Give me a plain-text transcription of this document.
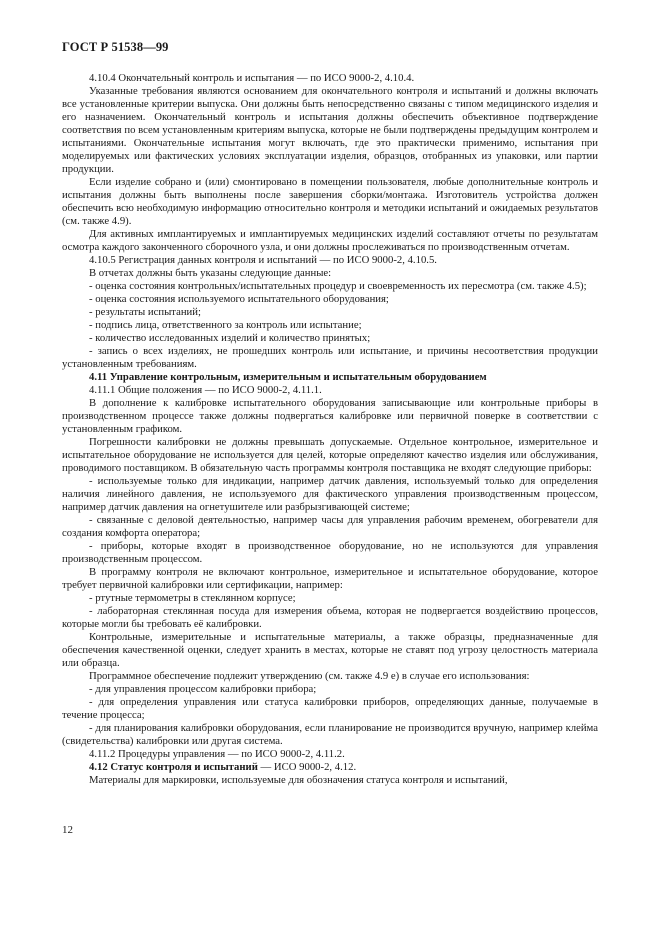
ГОСТ Р 51538—99

4.10.4 Окончательный контроль и испытания — по ИСО 9000-2, 4.10.4.

Указанные требования являются основанием для окончательного контроля и испытаний и должны включать все установленные критерии выпуска. Они должны быть непосредственно связаны с типом медицинского изделия и его назначением. Окончательный контроль и испытания должны обеспечить объективное подтверждение соответствия по всем установленным критериям выпуска, которые не были подтверждены предыдущим контролем и испытаниями. Окончательные испытания могут включать, где это практически применимо, испытания при моделируемых или фактических условиях эксплуатации изделия, образцов, отобранных из упаковки, или партии продукции.

Если изделие собрано и (или) смонтировано в помещении пользователя, любые дополнительные контроль и испытания должны быть выполнены после завершения сборки/монтажа. Изготовитель устройства должен обеспечить всю необходимую информацию относительно контроля и методики испытаний и ожидаемых результатов (см. также 4.9).

Для активных имплантируемых и имплантируемых медицинских изделий составляют отчеты по результатам осмотра каждого законченного сборочного узла, и они должны прослеживаться по производственным отчетам.

4.10.5 Регистрация данных контроля и испытаний — по ИСО 9000-2, 4.10.5.

В отчетах должны быть указаны следующие данные:

- оценка состояния контрольных/испытательных процедур и своевременность их пересмотра (см. также 4.5);

- оценка состояния используемого испытательного оборудования;

- результаты испытаний;

- подпись лица, ответственного за контроль или испытание;

- количество исследованных изделий и количество принятых;

- запись о всех изделиях, не прошедших контроль или испытание, и причины несоответствия продукции установленным требованиям.

4.11 Управление контрольным, измерительным и испытательным оборудованием

4.11.1 Общие положения — по ИСО 9000-2, 4.11.1.

В дополнение к калибровке испытательного оборудования записывающие или контрольные приборы в производственном процессе также должны подвергаться калибровке или первичной поверке в соответствии с установленным графиком.

Погрешности калибровки не должны превышать допускаемые. Отдельное контрольное, измерительное и испытательное оборудование не используется для целей, которые определяют качество изделия или обслуживания, проводимого поставщиком. В обязательную часть программы контроля поставщика не входят следующие приборы:

- используемые только для индикации, например датчик давления, используемый только для определения наличия линейного давления, не используемого для фактического управления производственным процессом, например датчик давления на огнетушителе или разбрызгивающей системе;

- связанные с деловой деятельностью, например часы для управления рабочим временем, обогреватели для создания комфорта оператора;

- приборы, которые входят в производственное оборудование, но не используются для управления производственным процессом.

В программу контроля не включают контрольное, измерительное и испытательное оборудование, которое требует первичной калибровки или сертификации, например:

- ртутные термометры в стеклянном корпусе;

- лабораторная стеклянная посуда для измерения объема, которая не подвергается воздействию процессов, которые могли бы требовать её калибровки.

Контрольные, измерительные и испытательные материалы, а также образцы, предназначенные для обеспечения качественной оценки, следует хранить в местах, которые не ставят под угрозу целостность материала или образца.

Программное обеспечение подлежит утверждению (см. также 4.9 е) в случае его использования:

- для управления процессом калибровки прибора;

- для определения управления или статуса калибровки приборов, определяющих данные, получаемые в течение процесса;

- для планирования калибровки оборудования, если планирование не производится вручную, например клейма (свидетельства) калибровки или другая система.

4.11.2 Процедуры управления — по ИСО 9000-2, 4.11.2.

4.12 Статус контроля и испытаний — ИСО 9000-2, 4.12.

Материалы для маркировки, используемые для обозначения статуса контроля и испытаний,

12
